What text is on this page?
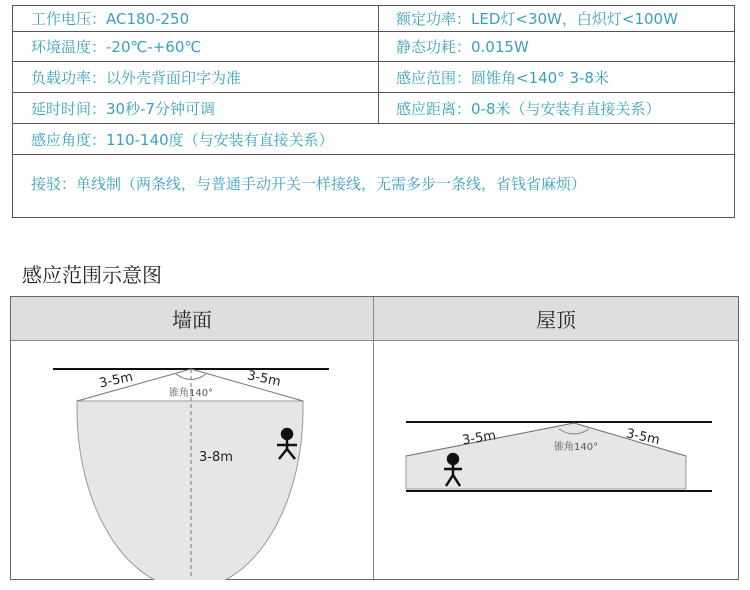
工作电压：AC180-250	额定功率：LED灯<30W，白炽灯<100W
环境温度：-20℃-+60℃	静态功耗：0.015W
负载功率：以外壳背面印字为准	感应范围：圆锥角<140° 3-8米
延时时间：30秒-7分钟可调	感应距离：0-8米（与安装有直接关系）
感应角度：110-140度（与安装有直接关系）
接驳：单线制（两条线，与普通手动开关一样接线，无需多步一条线，省钱省麻烦）
感应范围示意图
墙面	屋顶
3-5m	3-5m
锥角140°
3-8m
3-5m	3-5m
锥角140°
